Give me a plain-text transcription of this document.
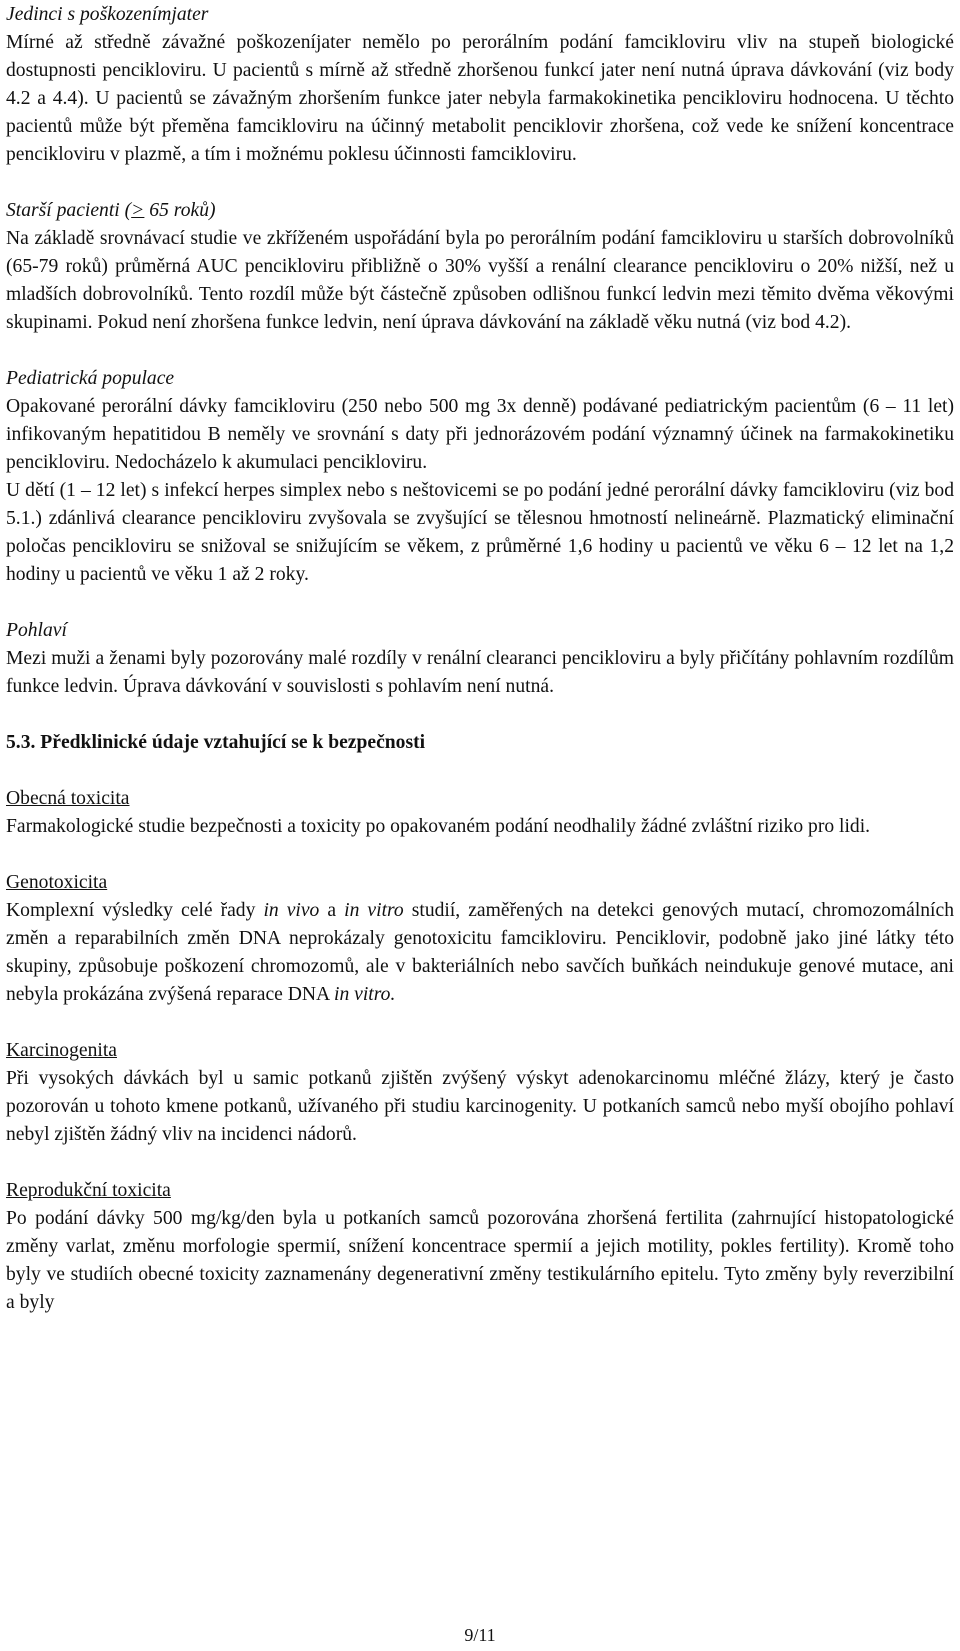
Jedinci s poškozenímjater

Mírné až středně závažné poškozeníjater nemělo po perorálním podání famcikloviru vliv na stupeň biologické dostupnosti pencikloviru. U pacientů s mírně až středně zhoršenou funkcí jater není nutná úprava dávkování (viz body 4.2 a 4.4). U pacientů se závažným zhoršením funkce jater nebyla farmakokinetika pencikloviru hodnocena. U těchto pacientů může být přeměna famcikloviru na účinný metabolit penciklovir zhoršena, což vede ke snížení koncentrace pencikloviru v plazmě, a tím i možnému poklesu účinnosti famcikloviru.

Starší pacienti (≥ 65 roků)

Na základě srovnávací studie ve zkříženém uspořádání byla po perorálním podání famcikloviru u starších dobrovolníků (65-79 roků) průměrná AUC pencikloviru přibližně o 30% vyšší a renální clearance pencikloviru o 20% nižší, než u mladších dobrovolníků. Tento rozdíl může být částečně způsoben odlišnou funkcí ledvin mezi těmito dvěma věkovými skupinami. Pokud není zhoršena funkce ledvin, není úprava dávkování na základě věku nutná (viz bod 4.2).

Pediatrická populace

Opakované perorální dávky famcikloviru (250 nebo 500 mg 3x denně) podávané pediatrickým pacientům (6 – 11 let) infikovaným hepatitidou B neměly ve srovnání s daty při jednorázovém podání významný účinek na farmakokinetiku pencikloviru. Nedocházelo k akumulaci pencikloviru.

U dětí (1 – 12 let) s infekcí herpes simplex nebo s neštovicemi se po podání jedné perorální dávky famcikloviru (viz bod 5.1.) zdánlivá clearance pencikloviru zvyšovala se zvyšující se tělesnou hmotností nelineárně. Plazmatický eliminační poločas pencikloviru se snižoval se snižujícím se věkem, z průměrné 1,6 hodiny u pacientů ve věku 6 – 12 let na 1,2 hodiny u pacientů ve věku 1 až 2 roky.

Pohlaví

Mezi muži a ženami byly pozorovány malé rozdíly v renální clearanci pencikloviru a byly přičítány pohlavním rozdílům funkce ledvin. Úprava dávkování v souvislosti s pohlavím není nutná.

5.3. Předklinické údaje vztahující se k bezpečnosti

Obecná toxicita

Farmakologické studie bezpečnosti a toxicity po opakovaném podání neodhalily žádné zvláštní riziko pro lidi.

Genotoxicita

Komplexní výsledky celé řady in vivo a in vitro studií, zaměřených na detekci genových mutací, chromozomálních změn a reparabilních změn DNA neprokázaly genotoxicitu famcikloviru. Penciklovir, podobně jako jiné látky této skupiny, způsobuje poškození chromozomů, ale v bakteriálních nebo savčích buňkách neindukuje genové mutace, ani nebyla prokázána zvýšená reparace DNA in vitro.

Karcinogenita

Při vysokých dávkách byl u samic potkanů zjištěn zvýšený výskyt adenokarcinomu mléčné žlázy, který je často pozorován u tohoto kmene potkanů, užívaného při studiu karcinogenity. U potkaních samců nebo myší obojího pohlaví nebyl zjištěn žádný vliv na incidenci nádorů.

Reprodukční toxicita

Po podání dávky 500 mg/kg/den byla u potkaních samců pozorována zhoršená fertilita (zahrnující histopatologické změny varlat, změnu morfologie spermií, snížení koncentrace spermií a jejich motility, pokles fertility). Kromě toho byly ve studiích obecné toxicity zaznamenány degenerativní změny testikulárního epitelu. Tyto změny byly reverzibilní a byly

9/11
